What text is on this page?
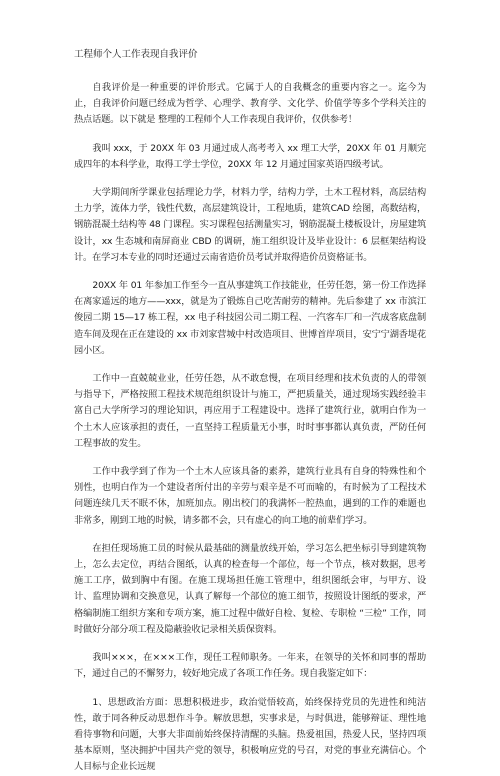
工程师个人工作表现自我评价

自我评价是一种重要的评价形式。它属于人的自我概念的重要内容之一。迄今为止，自我评价问题已经成为哲学、心理学、教育学、文化学、价值学等多个学科关注的热点话题。以下就是 整理的工程师个人工作表现自我评价，仅供参考！

我叫 xxx，于 20XX 年 03 月通过成人高考考入 xx 理工大学，20XX 年 01 月顺完成四年的本科学业，取得工学士学位，20XX 年 12 月通过国家英语四级考试。

大学期间所学课业包括理论力学，材料力学，结构力学，土木工程材料，高层结构土力学，流体力学，钱性代数，高层建筑设计，工程地质，建筑CAD 绘图，高数结构，钢筋混凝土结构等 48 门课程。实习课程包括测量实习，钢筋混凝土楼板设计，房屋建筑设计，xx 生态城和南屏商业 CBD 的调研，施工组织设计及毕业设计：6 层框架结构设计。在学习本专业的同时还通过云南省造价员考试并取得造价员资格证书。

20XX 年 01 年参加工作至今一直从事建筑工作技能业，任劳任怨，第一份工作选择在离家遥远的地方——xxx，就是为了锻炼自己吃苦耐劳的精神。先后参建了 xx 市滨江俊园二期 15—17 栋工程，xx 电子科技园公司二期工程、一汽客车厂和一汽成客底盘制造车间及现在正在建设的 xx 市刘家营城中村改造项目、世博首岸项目，安宁宁湖香堤花园小区。

工作中一直兢兢业业，任劳任怨，从不敢怠慢，在项目经理和技术负责的人的带领与指导下，严格按照工程技术规范组织设计与施工，严把质量关，通过现场实践经验丰富自己大学所学习的理论知识，再应用于工程建设中。选择了建筑行业，就明白作为一个土木人应该承担的责任，一直坚持工程质量无小事，时时事事都认真负责，严防任何工程事故的发生。

工作中我学到了作为一个土木人应该具备的素养，建筑行业具有自身的特殊性和个别性，也明白作为一个建设者所付出的辛劳与艰辛是不可而喻的，有时候为了工程技术问题连续几天不眠不休，加班加点。刚出校门的我满怀一腔热血，遇到的工作的难题也非常多，刚到工地的时候，请多都不会，只有虚心的向工地的前辈们学习。

在担任现场施工员的时候从最基础的测量放线开始，学习怎么把坐标引导到建筑物上，怎么去定位，再结合图纸，认真的检查每一个部位，每一个节点，核对数据，思考施工工序，做到胸中有图。在施工现场担任施工管理中，组织图纸会审，与甲方、设计、监理协调和交换意见，认真了解每一个部位的施工细节，按照设计图纸的要求，严格编制施工组织方案和专项方案，施工过程中做好自检、复检、专职检 “三检” 工作，同时做好分部分项工程及隐蔽验收记录相关质保资料。

我叫×××，在×××工作，现任工程师职务。一年来，在领导的关怀和同事的帮助下，通过自己的不懈努力，较好地完成了各项工作任务。现自我鉴定如下：

1、思想政治方面：思想积极进步，政治觉悟较高，始终保持党员的先进性和纯洁性，敢于同各种反动思想作斗争。解放思想，实事求是，与时俱进，能够辩证、理性地看待事物和问题，大事大非面前始终保持清醒的头脑。热爱祖国，热爱人民，坚持四项基本原则，坚决拥护中国共产党的领导，积极响应党的号召，对党的事业充满信心。个人目标与企业长远规
